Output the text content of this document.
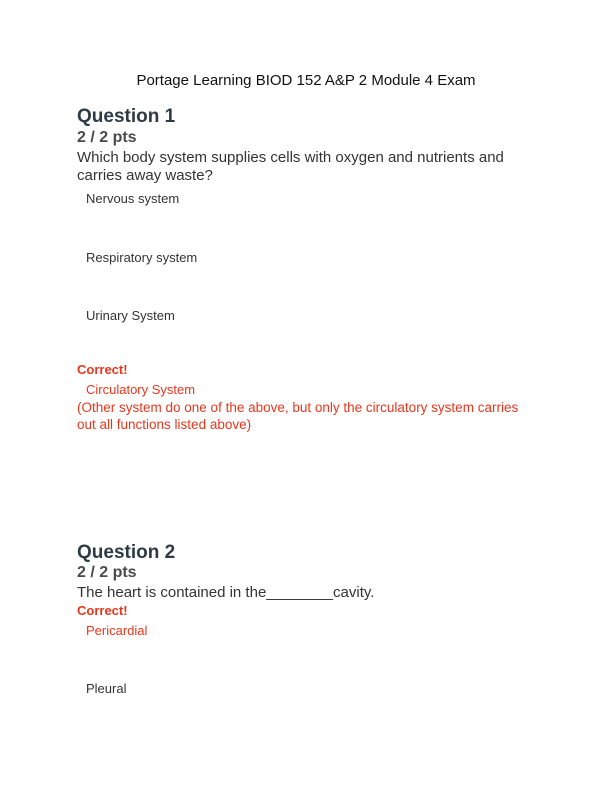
Portage Learning BIOD 152 A&P 2 Module 4 Exam
Question 1
2 / 2 pts
Which body system supplies cells with oxygen and nutrients and carries away waste?
Nervous system
Respiratory system
Urinary System
Correct!
Circulatory System
(Other system do one of the above, but only the circulatory system carries out all functions listed above)
Question 2
2 / 2 pts
The heart is contained in the________cavity.
Correct!
Pericardial
Pleural
